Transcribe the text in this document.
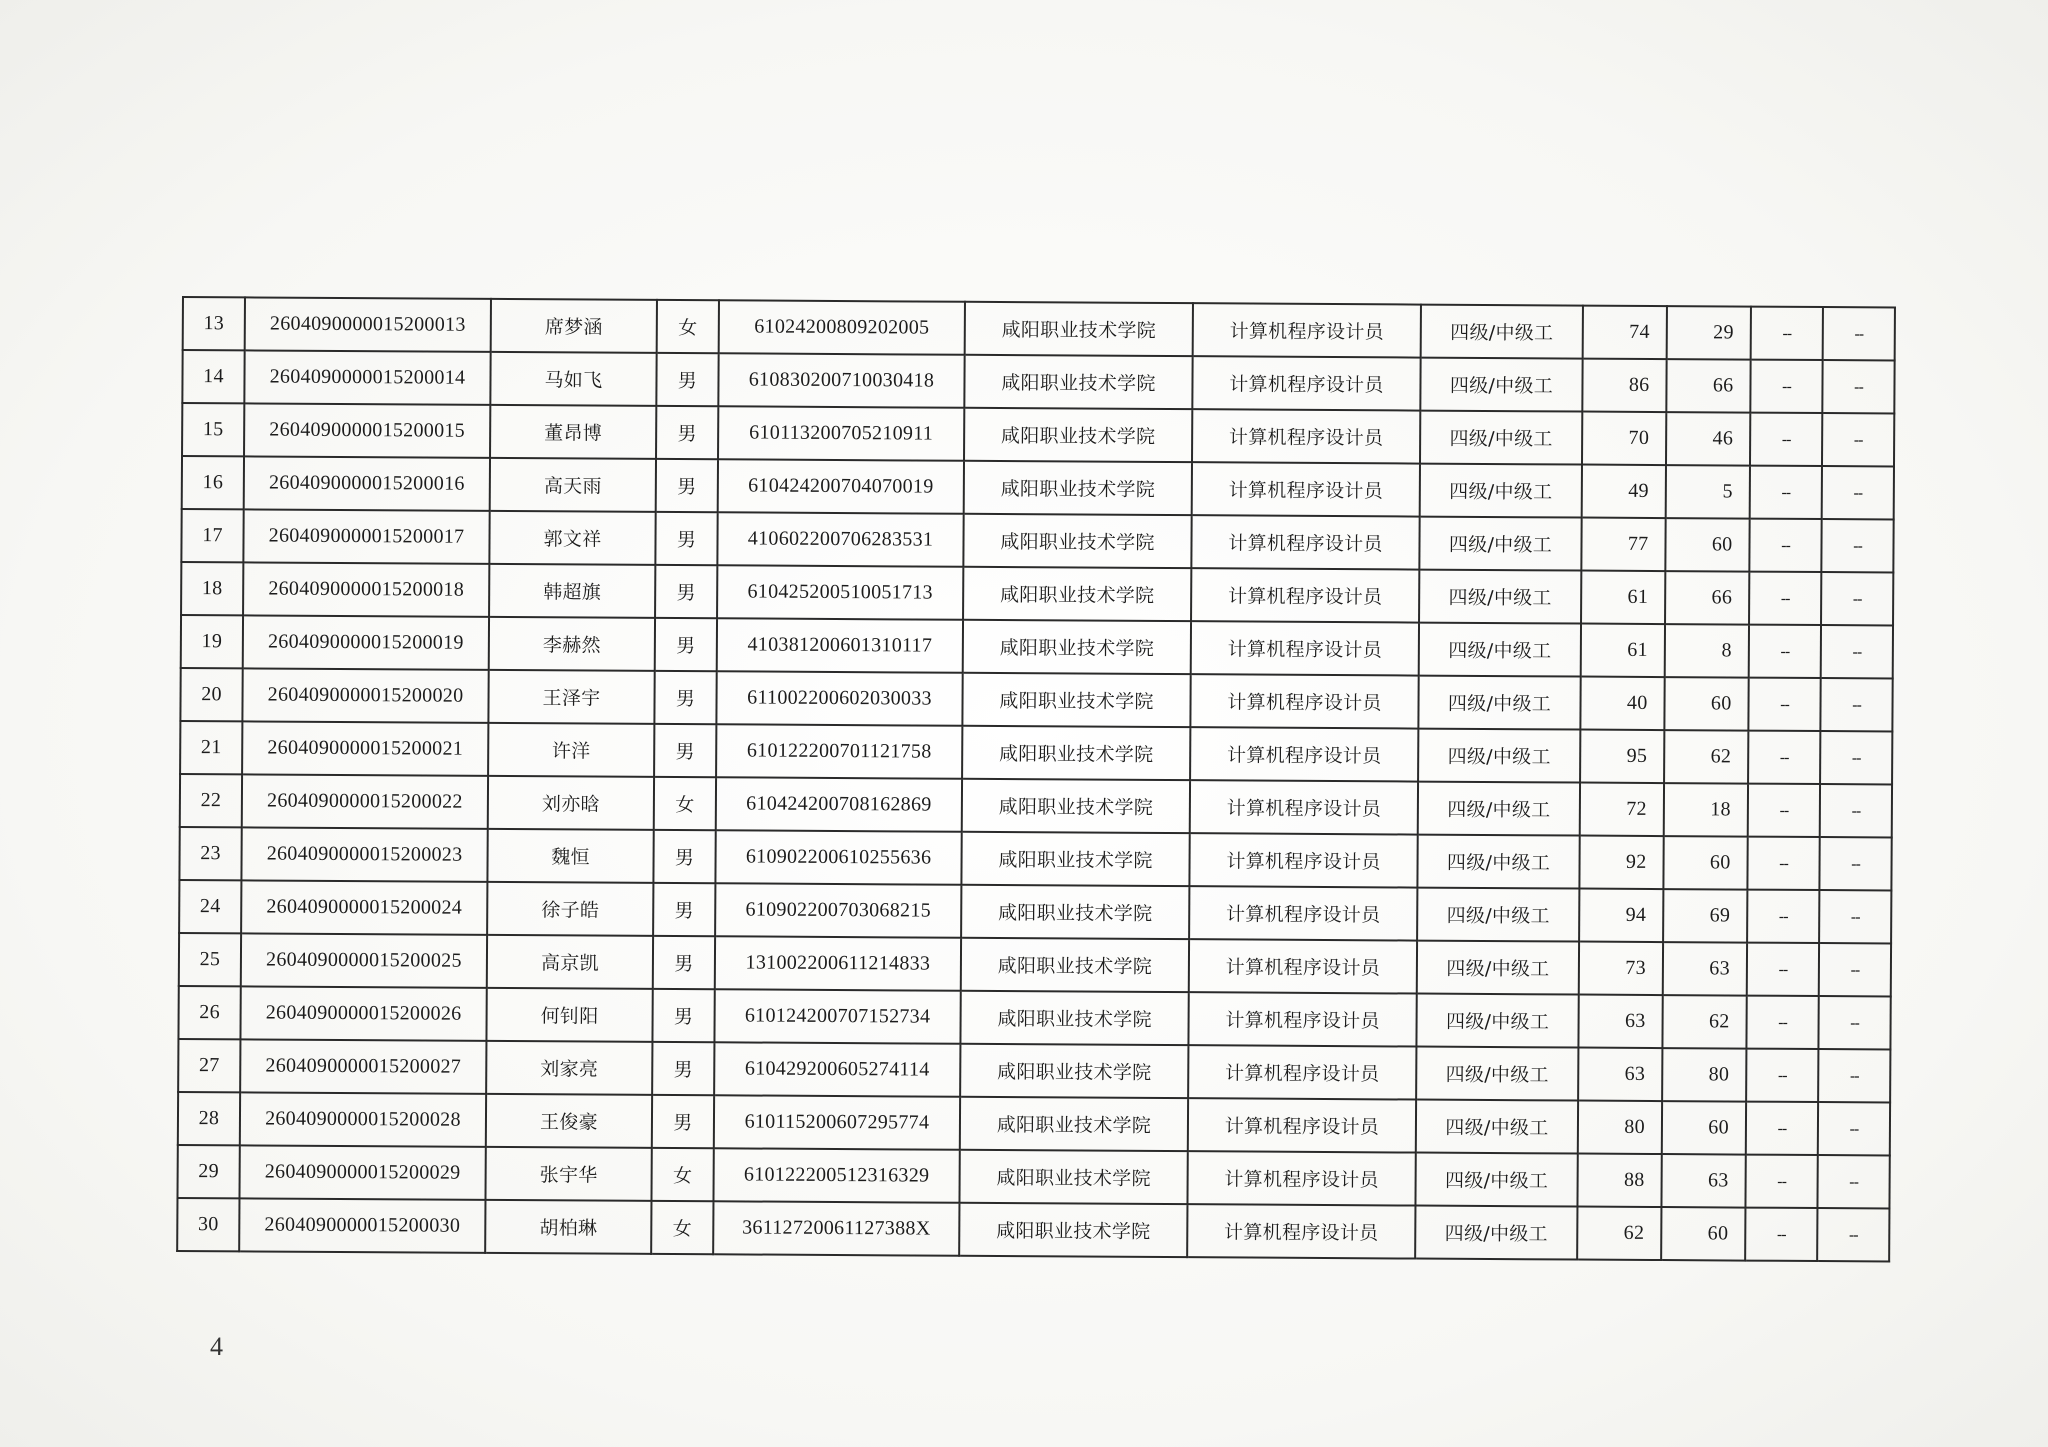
13	2604090000015200013	席梦涵	女	610242008092020​05	咸阳职业技术学院	计算机程序设计员	四级/中级工	74	29	--	--
14	2604090000015200014	马如飞	男	610830200710030418	咸阳职业技术学院	计算机程序设计员	四级/中级工	86	66	--	--
15	2604090000015200015	董昂博	男	610113200705210911	咸阳职业技术学院	计算机程序设计员	四级/中级工	70	46	--	--
16	2604090000015200016	高天雨	男	610424200704070019	咸阳职业技术学院	计算机程序设计员	四级/中级工	49	5	--	--
17	2604090000015200017	郭文祥	男	410602200706283531	咸阳职业技术学院	计算机程序设计员	四级/中级工	77	60	--	--
18	2604090000015200018	韩超旗	男	610425200510051713	咸阳职业技术学院	计算机程序设计员	四级/中级工	61	66	--	--
19	2604090000015200019	李赫然	男	410381200601310117	咸阳职业技术学院	计算机程序设计员	四级/中级工	61	8	--	--
20	2604090000015200020	王泽宇	男	611002200602030033	咸阳职业技术学院	计算机程序设计员	四级/中级工	40	60	--	--
21	2604090000015200021	许洋	男	610122200701121758	咸阳职业技术学院	计算机程序设计员	四级/中级工	95	62	--	--
22	2604090000015200022	刘亦晗	女	610424200708162869	咸阳职业技术学院	计算机程序设计员	四级/中级工	72	18	--	--
23	2604090000015200023	魏恒	男	610902200610255636	咸阳职业技术学院	计算机程序设计员	四级/中级工	92	60	--	--
24	2604090000015200024	徐子皓	男	610902200703068215	咸阳职业技术学院	计算机程序设计员	四级/中级工	94	69	--	--
25	2604090000015200025	高京凯	男	131002200611214833	咸阳职业技术学院	计算机程序设计员	四级/中级工	73	63	--	--
26	2604090000015200026	何钊阳	男	610124200707152734	咸阳职业技术学院	计算机程序设计员	四级/中级工	63	62	--	--
27	2604090000015200027	刘家亮	男	610429200605274114	咸阳职业技术学院	计算机程序设计员	四级/中级工	63	80	--	--
28	2604090000015200028	王俊豪	男	610115200607295774	咸阳职业技术学院	计算机程序设计员	四级/中级工	80	60	--	--
29	2604090000015200029	张宇华	女	610122200512316329	咸阳职业技术学院	计算机程序设计员	四级/中级工	88	63	--	--
30	2604090000015200030	胡柏琳	女	36112720061127388X	咸阳职业技术学院	计算机程序设计员	四级/中级工	62	60	--	--
4
